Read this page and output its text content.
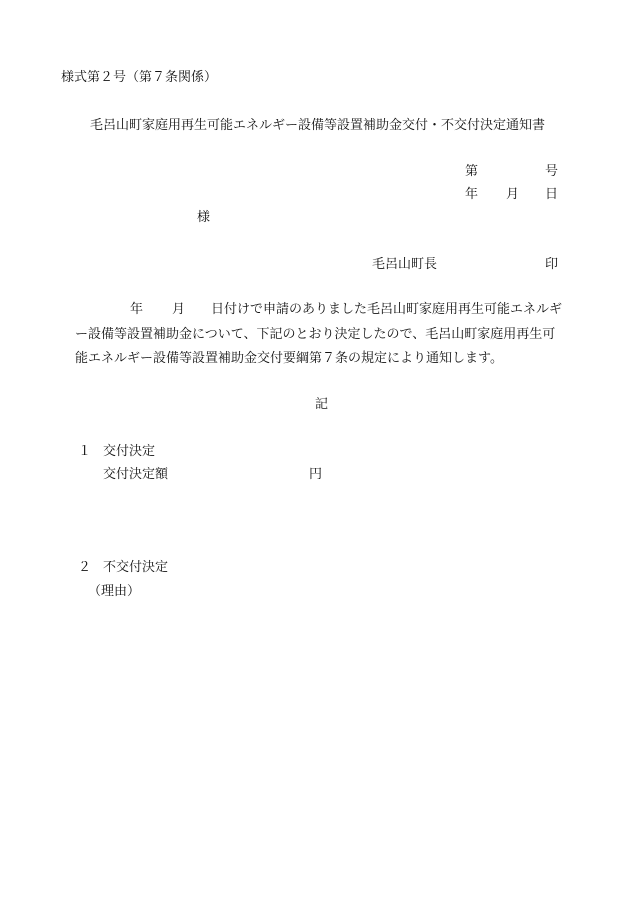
様式第２号（第７条関係）
毛呂山町家庭用再生可能エネルギー設備等設置補助金交付・不交付決定通知書
第	号
年 月 日
様
毛呂山町長	印
年 月 日付けで申請のありました毛呂山町家庭用再生可能エネルギ
ー設備等設置補助金について、下記のとおり決定したので、毛呂山町家庭用再生可
能エネルギー設備等設置補助金交付要綱第７条の規定により通知します。
記
１ 交付決定
交付決定額	円
２ 不交付決定
（理由）
